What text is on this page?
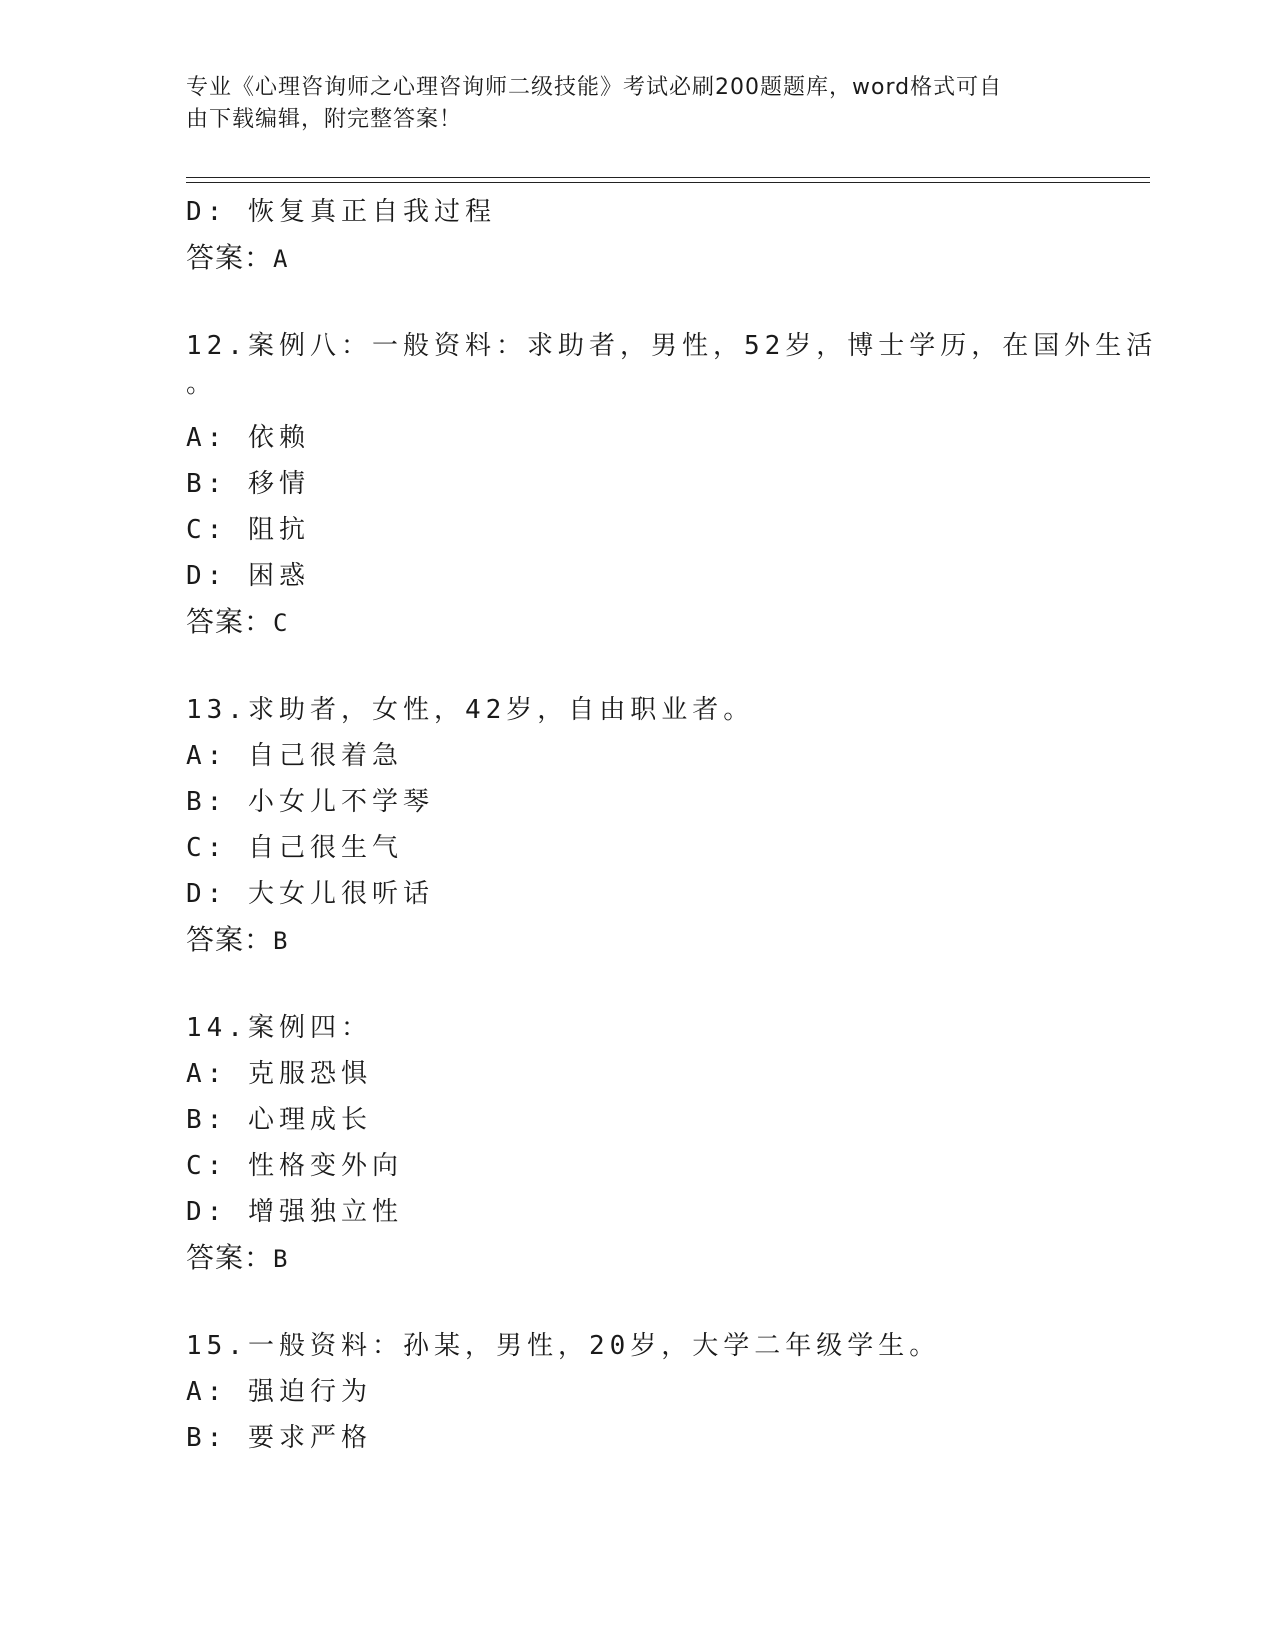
专业《心理咨询师之心理咨询师二级技能》考试必刷200题题库，word格式可自
由下载编辑，附完整答案！
D: 恢复真正自我过程
答案：A
12.案例八：一般资料：求助者，男性，52岁，博士学历，在国外生活
。
A: 依赖
B: 移情
C: 阻抗
D: 困惑
答案：C
13.求助者，女性，42岁，自由职业者。
A: 自己很着急
B: 小女儿不学琴
C: 自己很生气
D: 大女儿很听话
答案：B
14.案例四：
A: 克服恐惧
B: 心理成长
C: 性格变外向
D: 增强独立性
答案：B
15.一般资料：孙某，男性，20岁，大学二年级学生。
A: 强迫行为
B: 要求严格
